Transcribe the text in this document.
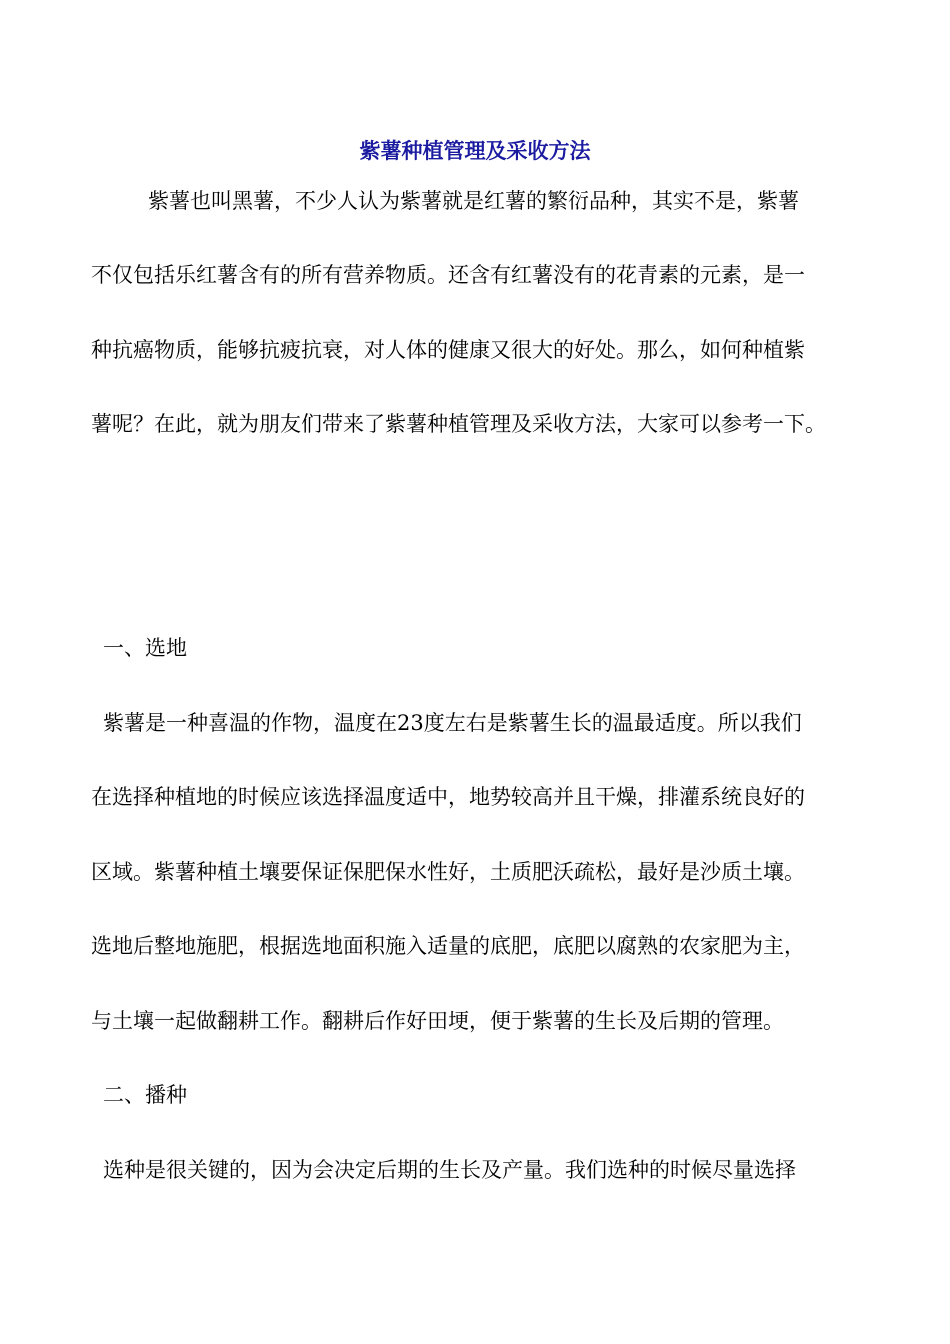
紫薯种植管理及采收方法

紫薯也叫黑薯，不少人认为紫薯就是红薯的繁衍品种，其实不是，紫薯

不仅包括乐红薯含有的所有营养物质。还含有红薯没有的花青素的元素，是一

种抗癌物质，能够抗疲抗衰，对人体的健康又很大的好处。那么，如何种植紫

薯呢？在此，就为朋友们带来了紫薯种植管理及采收方法，大家可以参考一下。

一、选地

紫薯是一种喜温的作物，温度在23度左右是紫薯生长的温最适度。所以我们

在选择种植地的时候应该选择温度适中，地势较高并且干燥，排灌系统良好的

区域。紫薯种植土壤要保证保肥保水性好，土质肥沃疏松，最好是沙质土壤。

选地后整地施肥，根据选地面积施入适量的底肥，底肥以腐熟的农家肥为主，

与土壤一起做翻耕工作。翻耕后作好田埂，便于紫薯的生长及后期的管理。

二、播种

选种是很关键的，因为会决定后期的生长及产量。我们选种的时候尽量选择
